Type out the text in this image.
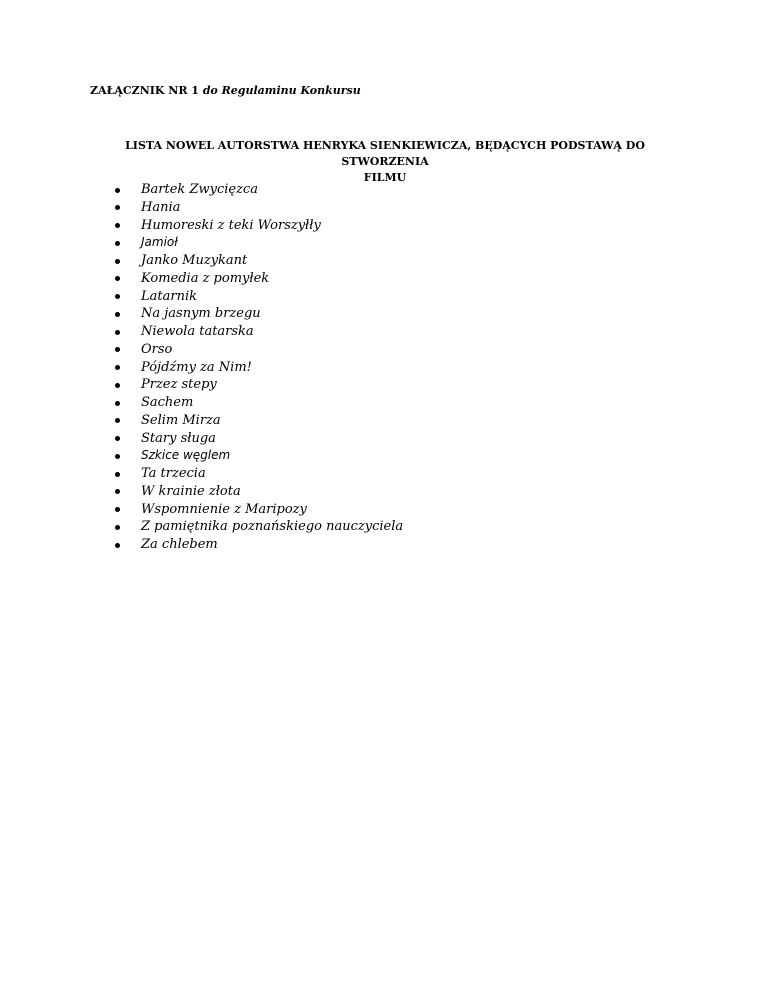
ZAŁĄCZNIK NR 1 do Regulaminu Konkursu
LISTA NOWEL AUTORSTWA HENRYKA SIENKIEWICZA, BĘDĄCYCH PODSTAWĄ DO STWORZENIA
FILMU
Bartek Zwycięzca
Hania
Humoreski z teki Worszyłły
Jamioł
Janko Muzykant
Komedia z pomyłek
Latarnik
Na jasnym brzegu
Niewola tatarska
Orso
Pójdźmy za Nim!
Przez stepy
Sachem
Selim Mirza
Stary sługa
Szkice węglem
Ta trzecia
W krainie złota
Wspomnienie z Maripozy
Z pamiętnika poznańskiego nauczyciela
Za chlebem
